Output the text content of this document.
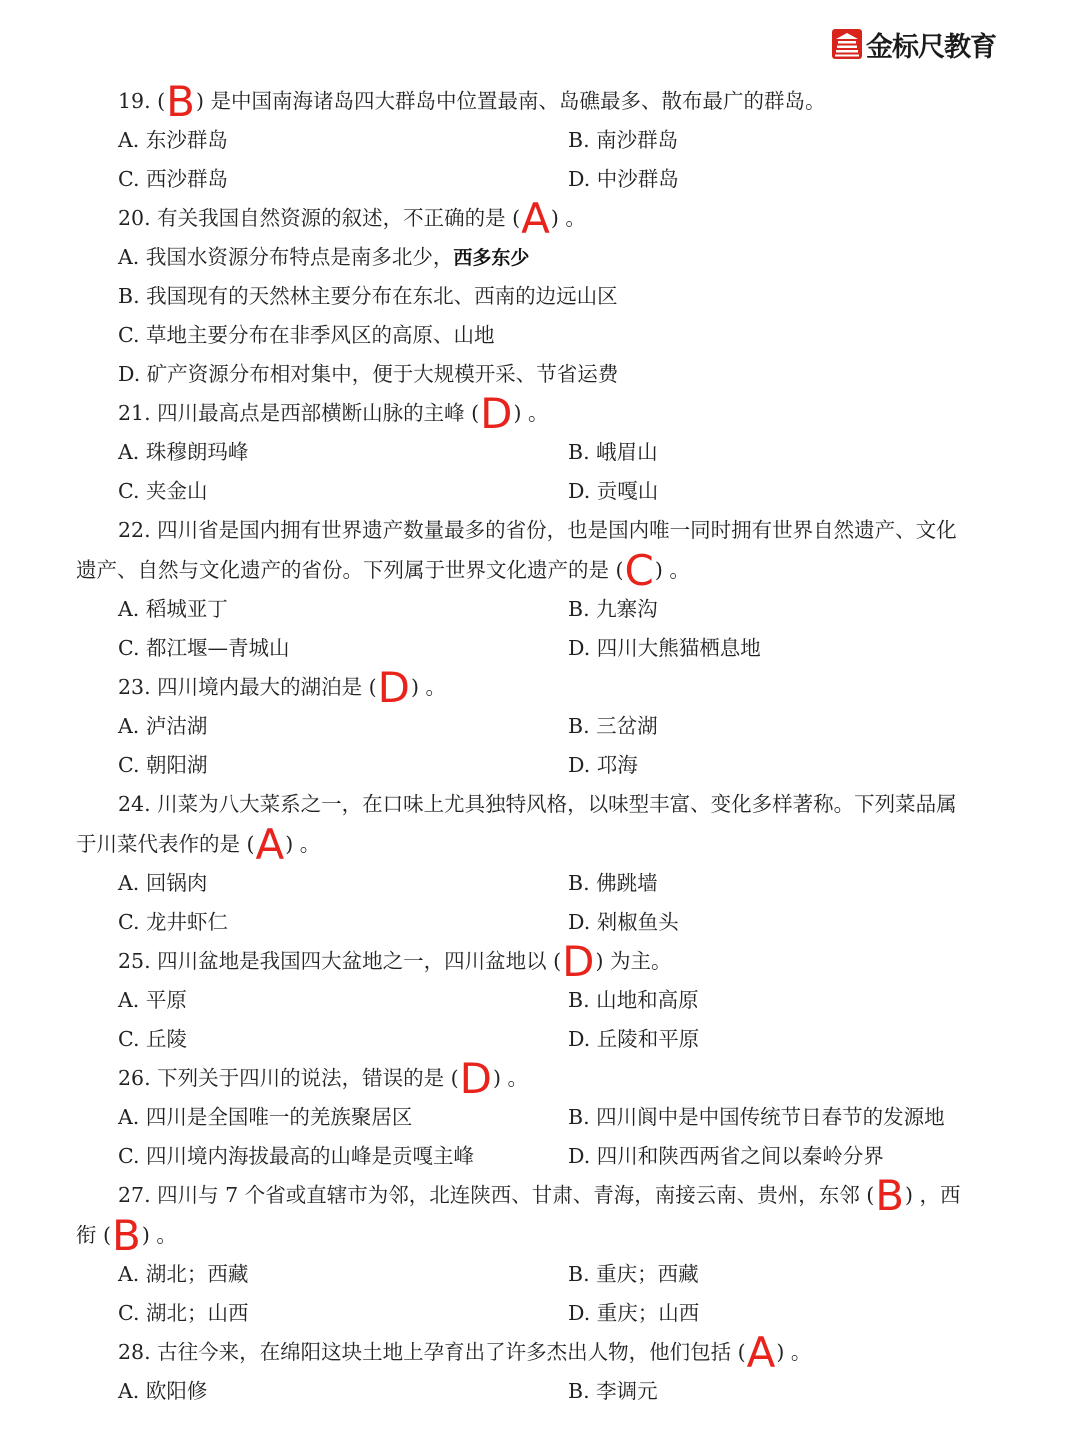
金标尺教育
19. (B) 是中国南海诸岛四大群岛中位置最南、岛礁最多、散布最广的群岛。
A. 东沙群岛	B. 南沙群岛
C. 西沙群岛	D. 中沙群岛
20. 有关我国自然资源的叙述，不正确的是 (A) 。
A. 我国水资源分布特点是南多北少，西多东少
B. 我国现有的天然林主要分布在东北、西南的边远山区
C. 草地主要分布在非季风区的高原、山地
D. 矿产资源分布相对集中，便于大规模开采、节省运费
21. 四川最高点是西部横断山脉的主峰 (D) 。
A. 珠穆朗玛峰	B. 峨眉山
C. 夹金山	D. 贡嘎山
22. 四川省是国内拥有世界遗产数量最多的省份，也是国内唯一同时拥有世界自然遗产、文化
遗产、自然与文化遗产的省份。下列属于世界文化遗产的是 (C) 。
A. 稻城亚丁	B. 九寨沟
C. 都江堰—青城山	D. 四川大熊猫栖息地
23. 四川境内最大的湖泊是 (D) 。
A. 泸沽湖	B. 三岔湖
C. 朝阳湖	D. 邛海
24. 川菜为八大菜系之一，在口味上尤具独特风格，以味型丰富、变化多样著称。下列菜品属
于川菜代表作的是 (A) 。
A. 回锅肉	B. 佛跳墙
C. 龙井虾仁	D. 剁椒鱼头
25. 四川盆地是我国四大盆地之一，四川盆地以 (D) 为主。
A. 平原	B. 山地和高原
C. 丘陵	D. 丘陵和平原
26. 下列关于四川的说法，错误的是 (D) 。
A. 四川是全国唯一的羌族聚居区	B. 四川阆中是中国传统节日春节的发源地
C. 四川境内海拔最高的山峰是贡嘎主峰	D. 四川和陕西两省之间以秦岭分界
27. 四川与 7 个省或直辖市为邻，北连陕西、甘肃、青海，南接云南、贵州，东邻 (B) ，西
衔 (B) 。
A. 湖北；西藏	B. 重庆；西藏
C. 湖北；山西	D. 重庆；山西
28. 古往今来，在绵阳这块土地上孕育出了许多杰出人物，他们包括 (A) 。
A. 欧阳修	B. 李调元
